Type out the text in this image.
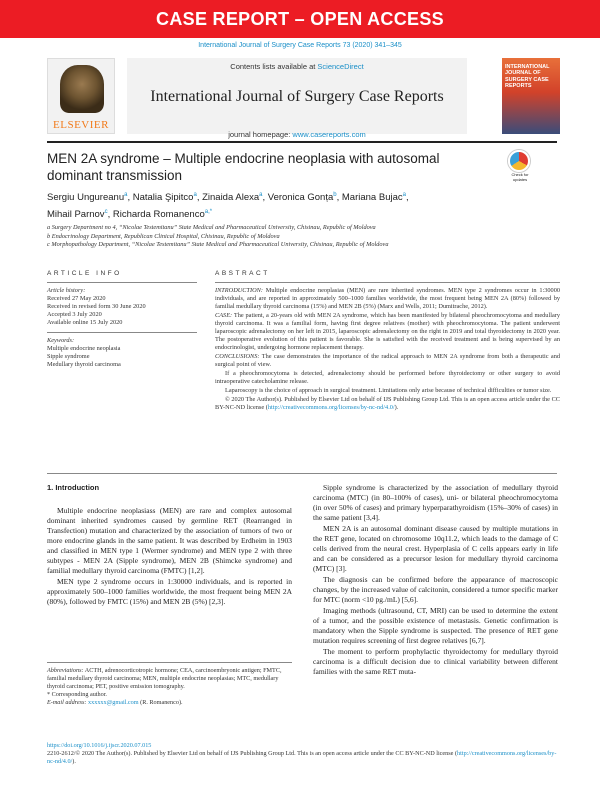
CASE REPORT – OPEN ACCESS
International Journal of Surgery Case Reports 73 (2020) 341–345
ELSEVIER
Contents lists available at ScienceDirect
International Journal of Surgery Case Reports
INTERNATIONAL JOURNAL OF SURGERY CASE REPORTS
journal homepage: www.casereports.com
MEN 2A syndrome – Multiple endocrine neoplasia with autosomal dominant transmission	Check for updates
Sergiu Ungureanu$^a$, Natalia Şipitco$^a$, Zinaida Alexa$^a$, Veronica Gonța$^b$, Mariana Bujac$^a$,
Mihail Parnov$^c$, Richarda Romanenco$^{a,*}$
a Surgery Department no 4, “Nicolae Testemitanu” State Medical and Pharmaceutical University, Chisinau, Republic of Moldova
b Endocrinology Department, Republican Clinical Hospital, Chisinau, Republic of Moldova
c Morphopathology Department, “Nicolae Testemitanu” State Medical and Pharmaceutical University, Chisinau, Republic of Moldova
ARTICLE INFO
Article history:
Received 27 May 2020
Received in revised form 30 June 2020
Accepted 3 July 2020
Available online 15 July 2020
Keywords:
Multiple endocrine neoplasia
Sipple syndrome
Medullary thyroid carcinoma
ABSTRACT

INTRODUCTION: Multiple endocrine neoplasias (MEN) are rare inherited syndromes. MEN type 2 syndromes occur in 1:30000 individuals, and are reported in approximately 500–1000 families worldwide, the most frequent being MEN 2A (80%) followed by familial medullary thyroid carcinoma (15%) and MEN 2B (5%) (Marx and Wells, 2011; Dumitrache, 2012).

CASE: The patient, a 20-years old with MEN 2A syndrome, which has been manifested by bilateral pheochromocytoma and medullary thyroid carcinoma. It was a familial form, having first degree relatives (mother) with pheochromocytoma. The patient underwent laparoscopic adrenalectomy on her left in 2015, laparoscopic adrenalectomy on the right in 2019 and total thyroidectomy in 2020 year. The postoperative evolution of this patient is favorable. She is satisfied with the received treatment and is being supervised by an endocrinologist, undergoing hormone replacement therapy.

CONCLUSIONS: The case demonstrates the importance of the radical approach to MEN 2A syndrome from both a therapeutic and surgical point of view.

If a pheochromocytoma is detected, adrenalectomy should be performed before thyroidectomy or other surgery to avoid intraoperative catecholamine release.

Laparoscopy is the choice of approach in surgical treatment. Limitations only arise because of technical difficulties or tumor size.

© 2020 The Author(s). Published by Elsevier Ltd on behalf of IJS Publishing Group Ltd. This is an open access article under the CC BY-NC-ND license (http://creativecommons.org/licenses/by-nc-nd/4.0/).

1. Introduction

Multiple endocrine neoplasiass (MEN) are rare and complex autosomal dominant inherited syndromes caused by germline RET (Rearranged in Transfection) mutation and characterized by the association of tumors of two or more endocrine glands in the same patient. It was described by Erdheim in 1903 and classified in MEN type 1 (Wermer syndrome) and MEN type 2 with three subtypes - MEN 2A (Sipple syndrome), MEN 2B (Shimcke syndrome) and familial medullary thyroid carcinoma (FMTC) [1,2].

MEN type 2 syndrome occurs in 1:30000 individuals, and is reported in approximately 500–1000 families worldwide, the most frequent being MEN 2A (80%), followed by FMTC (15%) and MEN 2B (5%) [2,3].

Sipple syndrome is characterized by the association of medullary thyroid carcinoma (MTC) (in 80–100% of cases), uni- or bilateral pheochromocytoma (in over 50% of cases) and primary hyperparathyroidism (15%–30% of cases) in the same patient [3,4].

MEN 2A is an autosomal dominant disease caused by multiple mutations in the RET gene, located on chromosome 10q11.2, which leads to the damage of C cells derived from the neural crest. Hyperplasia of C cells appears early in life and can be considered as a precursor lesion for medullary thyroid carcinoma (MTC) [3].

The diagnosis can be confirmed before the appearance of macroscopic changes, by the increased value of calcitonin, considered a tumor specific marker for MTC (norm <10 pg./mL) [5,6].

Imaging methods (ultrasound, CT, MRI) can be used to determine the extent of a tumor, and the possible existence of metastasis. Genetic confirmation is mandatory when the Sipple syndrome is suspected. The presence of RET gene mutation requires screening of first degree relatives [6,7].

The moment to perform prophylactic thyroidectomy for medullary thyroid carcinoma is a difficult decision due to clinical variability between different families with the same RET muta-

Abbreviations: ACTH, adrenocorticotropic hormone; CEA, carcinoembryonic antigen; FMTC, familial medullary thyroid carcinoma; MEN, multiple endocrine neoplasias; MTC, medullary thyroid carcinoma; PET, positive emission tomography.
* Corresponding author.
E-mail address: xxxxxx@gmail.com (R. Romanenco).
https://doi.org/10.1016/j.ijscr.2020.07.015
2210-2612/© 2020 The Author(s). Published by Elsevier Ltd on behalf of IJS Publishing Group Ltd. This is an open access article under the CC BY-NC-ND license (http://creativecommons.org/licenses/by-nc-nd/4.0/).
